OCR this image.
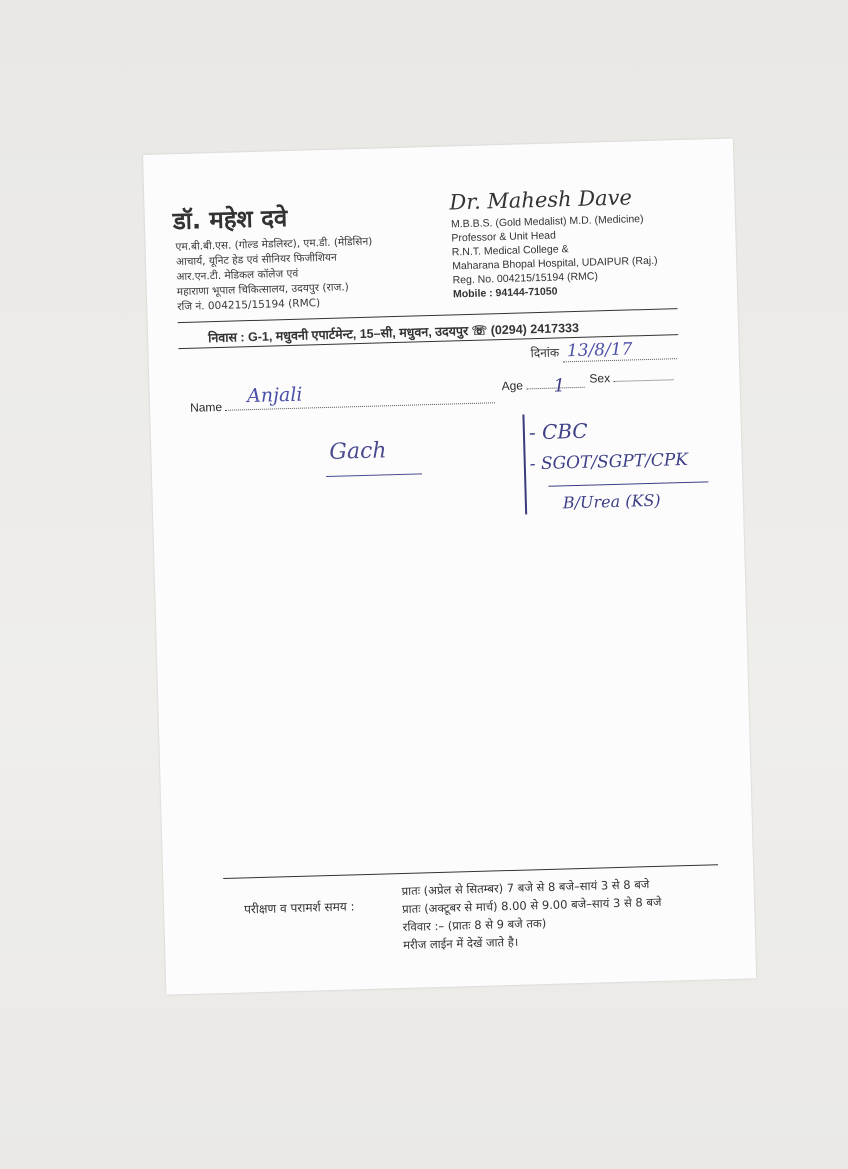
डॉ. महेश दवे
एम.बी.बी.एस. (गोल्ड मेडलिस्ट), एम.डी. (मेडिसिन)
आचार्य, यूनिट हेड एवं सीनियर फिजीशियन
आर.एन.टी. मेडिकल कॉलेज एवं
महाराणा भूपाल चिकित्सालय, उदयपुर (राज.)
रजि नं. 004215/15194 (RMC)
Dr. Mahesh Dave
M.B.B.S. (Gold Medalist) M.D. (Medicine)
Professor & Unit Head
R.N.T. Medical College &
Maharana Bhopal Hospital, UDAIPUR (Raj.)
Reg. No. 004215/15194 (RMC)
Mobile : 94144-71050
निवास : G-1, मधुवनी एपार्टमेन्ट, 15–सी, मधुवन, उदयपुर ☏ (0294) 2417333
दिनांक 13/8/17
Name
Anjali	Age
Sex
Gach
1
- CBC
- SGOT/SGPT/CPK
B/Urea (KS)
परीक्षण व परामर्श समय :
प्रातः (अप्रेल से सितम्बर) 7 बजे से 8 बजे–सायं 3 से 8 बजे
प्रातः (अक्टूबर से मार्च) 8.00 से 9.00 बजे–सायं 3 से 8 बजे
रविवार :– (प्रातः 8 से 9 बजे तक)
मरीज लाईन में देखें जाते है।
